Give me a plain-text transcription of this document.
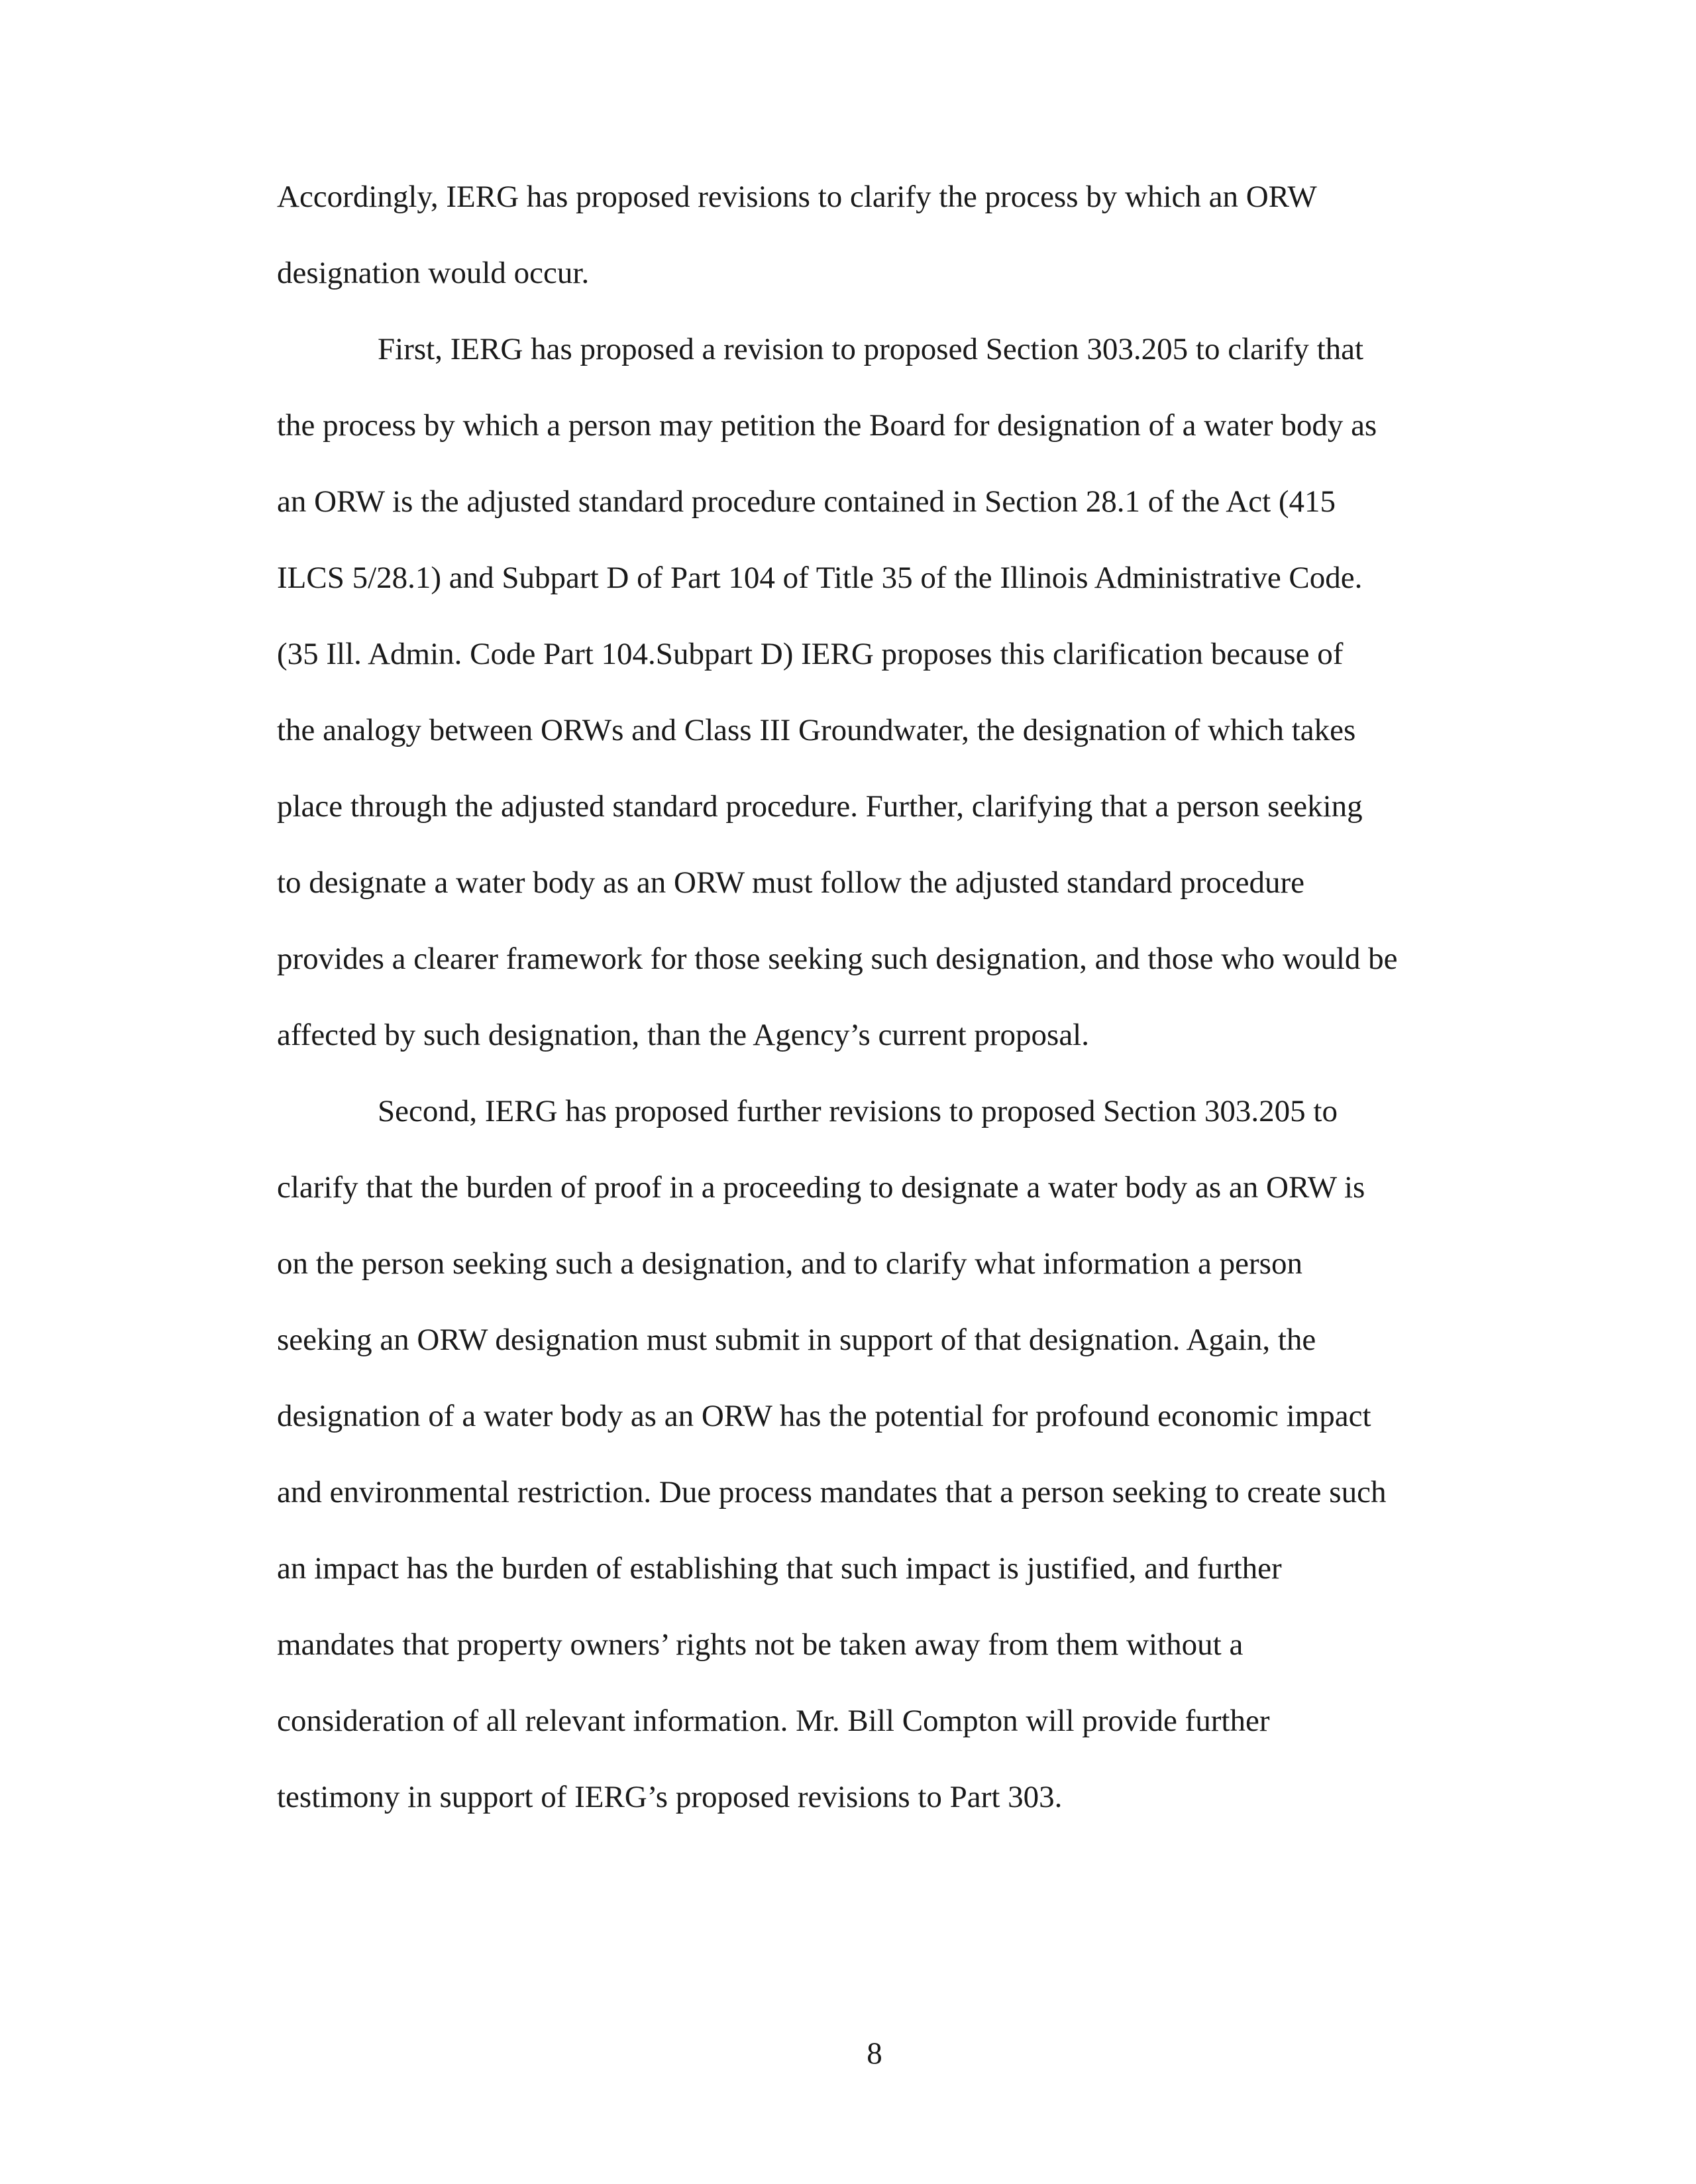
Accordingly, IERG has proposed revisions to clarify the process by which an ORW
designation would occur.
First, IERG has proposed a revision to proposed Section 303.205 to clarify that
the process by which a person may petition the Board for designation of a water body as
an ORW is the adjusted standard procedure contained in Section 28.1 of the Act (415
ILCS 5/28.1) and Subpart D of Part 104 of Title 35 of the Illinois Administrative Code.
(35 Ill. Admin. Code Part 104.Subpart D) IERG proposes this clarification because of
the analogy between ORWs and Class III Groundwater, the designation of which takes
place through the adjusted standard procedure. Further, clarifying that a person seeking
to designate a water body as an ORW must follow the adjusted standard procedure
provides a clearer framework for those seeking such designation, and those who would be
affected by such designation, than the Agency’s current proposal.
Second, IERG has proposed further revisions to proposed Section 303.205 to
clarify that the burden of proof in a proceeding to designate a water body as an ORW is
on the person seeking such a designation, and to clarify what information a person
seeking an ORW designation must submit in support of that designation. Again, the
designation of a water body as an ORW has the potential for profound economic impact
and environmental restriction. Due process mandates that a person seeking to create such
an impact has the burden of establishing that such impact is justified, and further
mandates that property owners’ rights not be taken away from them without a
consideration of all relevant information. Mr. Bill Compton will provide further
testimony in support of IERG’s proposed revisions to Part 303.
8
